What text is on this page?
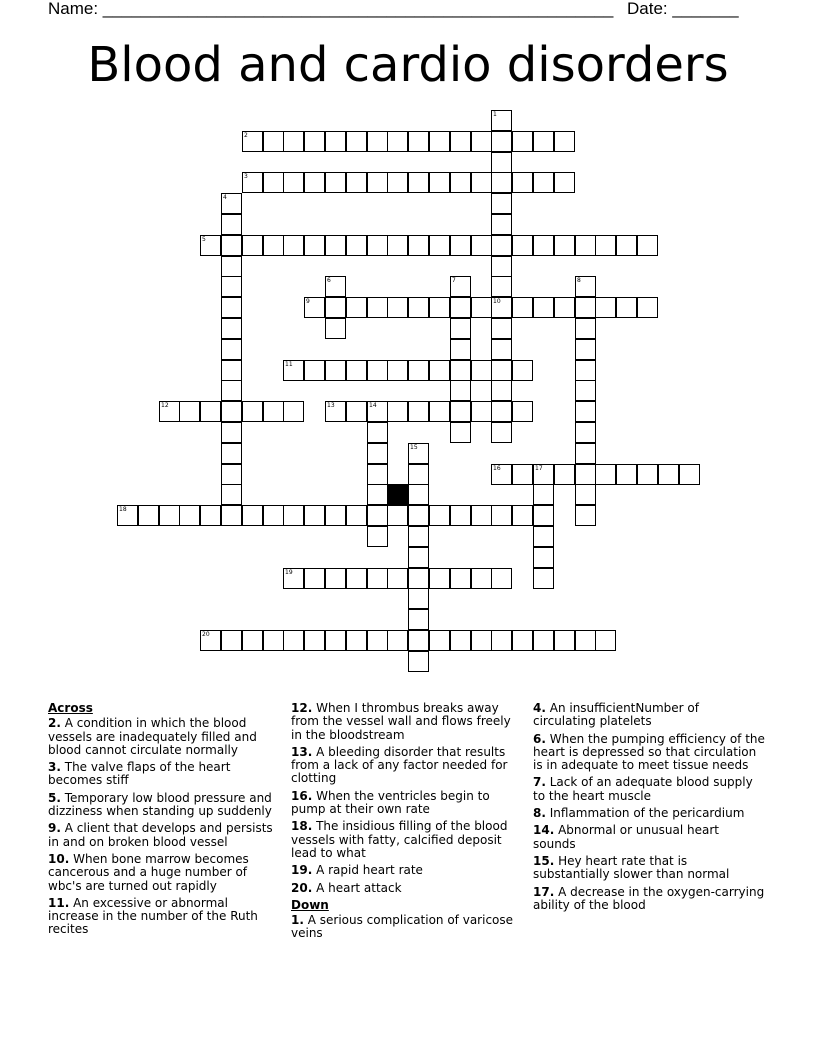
Name: ______________________________________________________ Date: _______
Blood and cardio disorders
1
10
2
3
4
5
6	7	8
9
11
12	13	14
15
16	17
18
19
20
Across
2. A condition in which the blood vessels are inadequately filled and blood cannot circulate normally
3. The valve flaps of the heart becomes stiff
5. Temporary low blood pressure and dizziness when standing up suddenly
9. A client that develops and persists in and on broken blood vessel
10. When bone marrow becomes cancerous and a huge number of wbc's are turned out rapidly
11. An excessive or abnormal increase in the number of the Ruth recites
12. When I thrombus breaks away from the vessel wall and flows freely in the bloodstream
13. A bleeding disorder that results from a lack of any factor needed for clotting
16. When the ventricles begin to pump at their own rate
18. The insidious filling of the blood vessels with fatty, calcified deposit lead to what
19. A rapid heart rate
20. A heart attack
Down
1. A serious complication of varicose veins
4. An insufficientNumber of circulating platelets
6. When the pumping efficiency of the heart is depressed so that circulation is in adequate to meet tissue needs
7. Lack of an adequate blood supply to the heart muscle
8. Inflammation of the pericardium
14. Abnormal or unusual heart sounds
15. Hey heart rate that is substantially slower than normal
17. A decrease in the oxygen-carrying ability of the blood
